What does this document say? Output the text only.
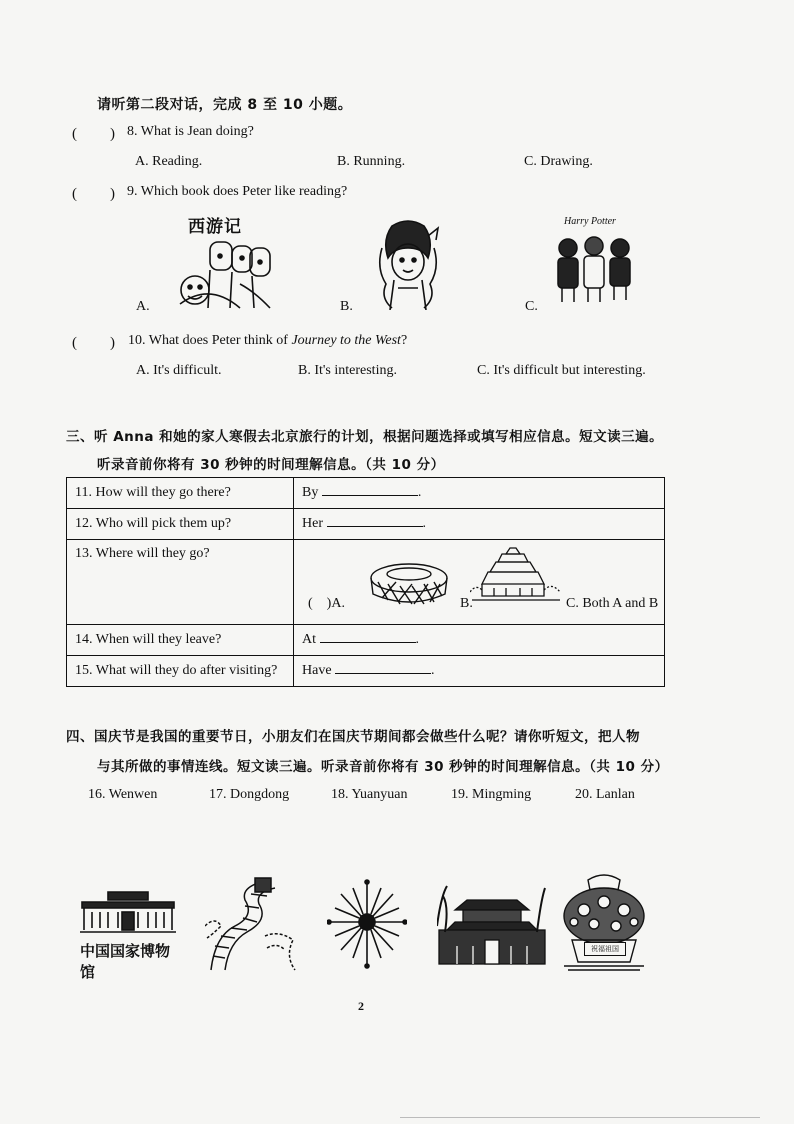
请听第二段对话，完成 8 至 10 小题。
( ) 8. What is Jean doing?
A. Reading.	B. Running.	C. Drawing.
( ) 9. Which book does Peter like reading?
西游记
A.	B.
Harry Potter
C.
( ) 10. What does Peter think of Journey to the West?
A. It's difficult.	B. It's interesting.	C. It's difficult but interesting.
三、听 Anna 和她的家人寒假去北京旅行的计划，根据问题选择或填写相应信息。短文读三遍。
听录音前你将有 30 秒钟的时间理解信息。（共 10 分）
11. How will they go there?	By .
12. Who will pick them up?	Her .
13. Where will they go?	( )A. B. C. Both A and B

14. When will they leave?	At .
15. What will they do after visiting?	Have .
四、国庆节是我国的重要节日，小朋友们在国庆节期间都会做些什么呢？请你听短文，把人物
与其所做的事情连线。短文读三遍。听录音前你将有 30 秒钟的时间理解信息。（共 10 分）
16. Wenwen	17. Dongdong	18. Yuanyuan	19. Mingming	20. Lanlan
中国国家博物馆
祝福祖国
2
